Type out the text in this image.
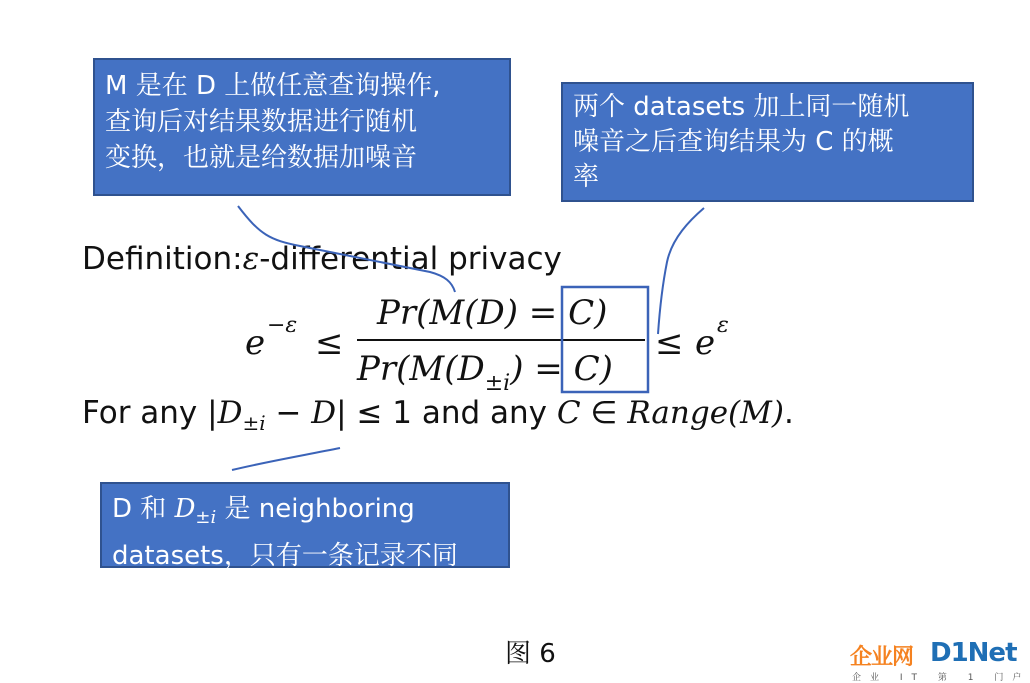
M 是在 D 上做任意查询操作,
查询后对结果数据进行随机
变换，也就是给数据加噪音
两个 datasets 加上同一随机
噪音之后查询结果为 C 的概
率
D 和 $D_{\pm i}$ 是 neighboring
datasets，只有一条记录不同
Definition:ε-differential privacy
e −ε ≤
Pr(M(D) = C)
$Pr(M(D_{\pm i}) = C)$
≤ e ε
For any $|D_{\pm i} - D| \le 1$ and any C ∈ Range(M).
图 6	企业网 D1Net
企业 IT 第 1 门户
